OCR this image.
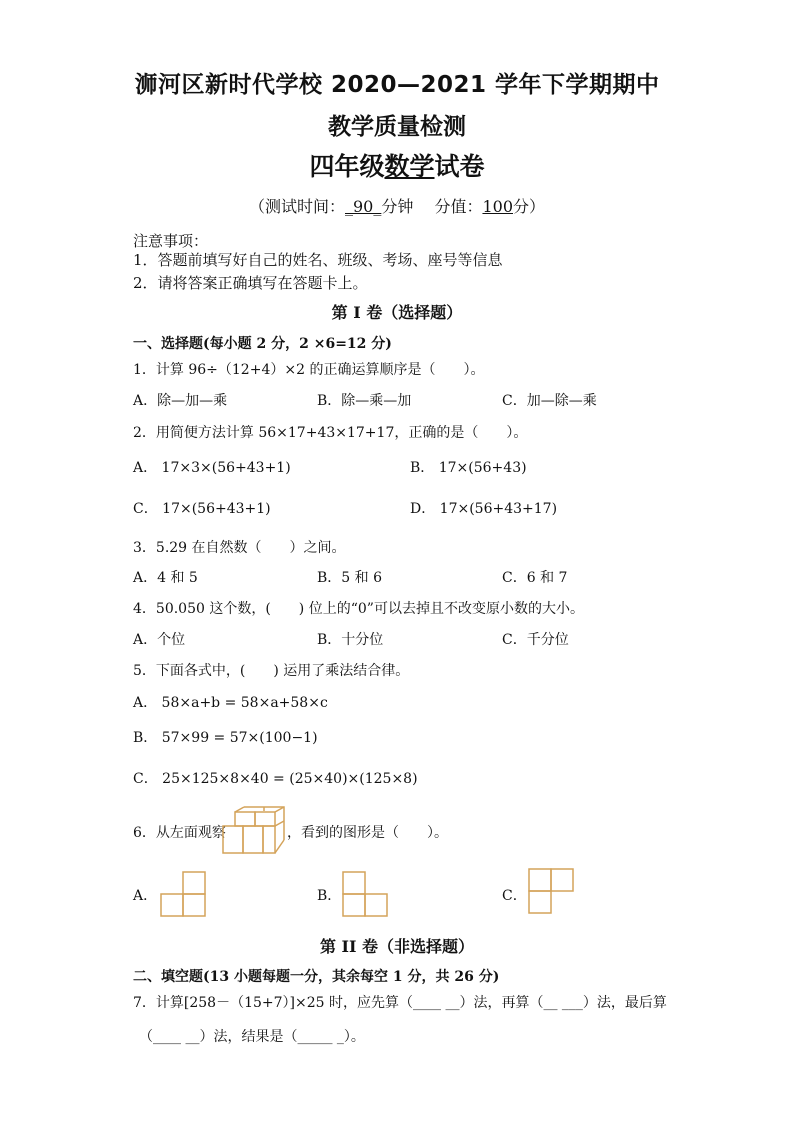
浉河区新时代学校 2020—2021 学年下学期期中
教学质量检测
四年级数学试卷
（测试时间：_90_分钟　 分值：100分）
注意事项：
1．答题前填写好自己的姓名、班级、考场、座号等信息
2．请将答案正确填写在答题卡上。
第 I 卷（选择题）
一、选择题(每小题 2 分，2 ×6=12 分)
1．计算 96÷（12+4）×2 的正确运算顺序是（　　）。
A．除—加—乘	B．除—乘—加	C．加—除—乘
2．用简便方法计算 56×17+43×17+17，正确的是（　　）。
A． 17×3×(56+43+1)	B． 17×(56+43)
C． 17×(56+43+1)	D． 17×(56+43+17)
3．5.29 在自然数（　　）之间。
A．4 和 5	B．5 和 6	C．6 和 7
4．50.050 这个数，(　　) 位上的“0”可以去掉且不改变原小数的大小。
A．个位	B．十分位	C．千分位
5．下面各式中，(　　) 运用了乘法结合律。
A． 58×a+b = 58×a+58×c
B． 57×99 = 57×(100−1)
C． 25×125×8×40 = (25×40)×(125×8)
6．从左面观察	，看到的图形是（　　）。
A．	B．	C．
第 II 卷（非选择题）
二、填空题(13 小题每题一分，其余每空 1 分，共 26 分)
7．计算[258－（15+7）]×25 时，应先算（____ __）法，再算（__ ___）法，最后算
（____ __）法，结果是（_____ _）。
